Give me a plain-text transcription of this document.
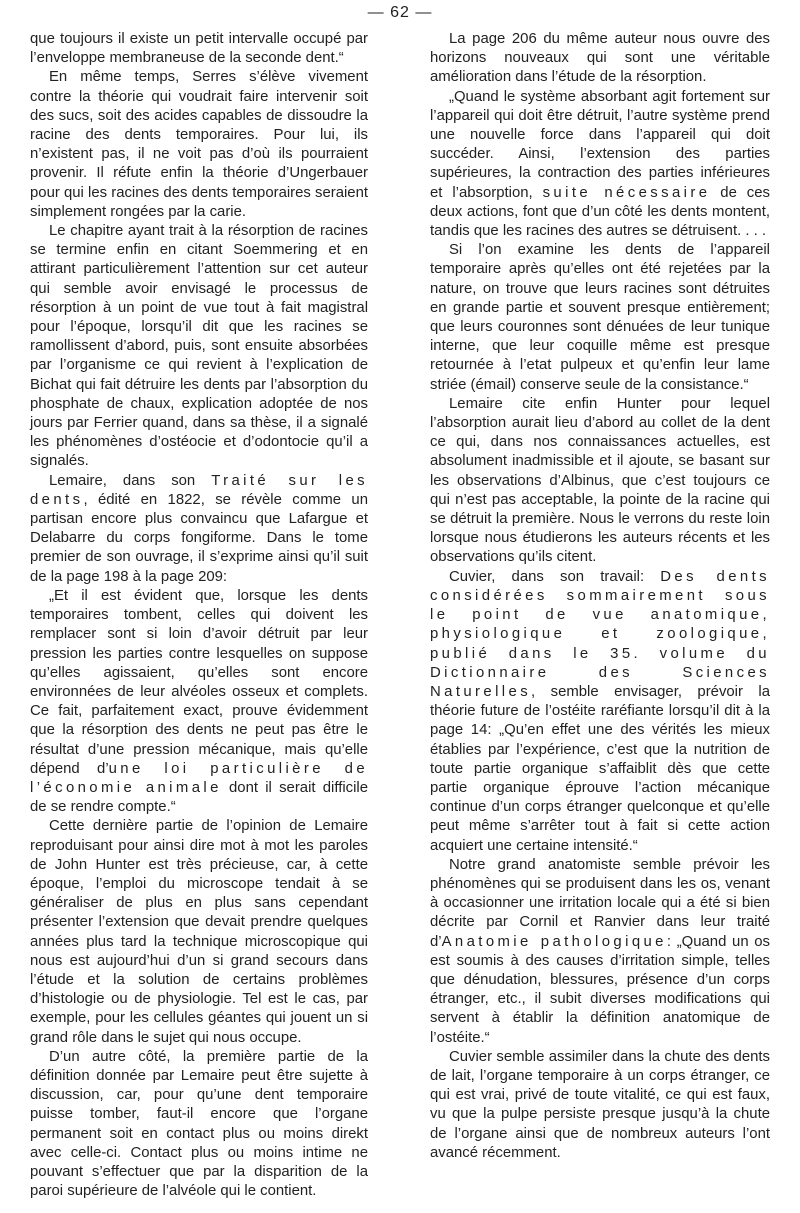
— 62 —

que toujours il existe un petit intervalle occupé par l’enveloppe membraneuse de la seconde dent.“

En même temps, Serres s’élève vivement contre la théorie qui voudrait faire intervenir soit des sucs, soit des acides capables de dissoudre la racine des dents temporaires. Pour lui, ils n’existent pas, il ne voit pas d’où ils pourraient provenir. Il réfute enfin la théorie d’Ungerbauer pour qui les racines des dents temporaires seraient simplement rongées par la carie.

Le chapitre ayant trait à la résorption de racines se termine enfin en citant Soemmering et en attirant particulièrement l’attention sur cet auteur qui semble avoir envisagé le processus de résorption à un point de vue tout à fait magistral pour l’époque, lorsqu’il dit que les racines se ramollissent d’abord, puis, sont ensuite absorbées par l’organisme ce qui revient à l’explication de Bichat qui fait détruire les dents par l’absorption du phosphate de chaux, explication adoptée de nos jours par Ferrier quand, dans sa thèse, il a signalé les phénomènes d’ostéocie et d’odontocie qu’il a signalés.

Lemaire, dans son Traité sur les dents, édité en 1822, se révèle comme un partisan encore plus convaincu que Lafargue et Delabarre du corps fongiforme. Dans le tome premier de son ouvrage, il s’exprime ainsi qu’il suit de la page 198 à la page 209:

„Et il est évident que, lorsque les dents temporaires tombent, celles qui doivent les remplacer sont si loin d’avoir détruit par leur pression les parties contre lesquelles on suppose qu’elles agissaient, qu’elles sont encore environnées de leur alvéoles osseux et complets. Ce fait, parfaitement exact, prouve évidemment que la résorption des dents ne peut pas être le résultat d’une pression mécanique, mais qu’elle dépend d’une loi particulière de l’économie animale dont il serait difficile de se rendre compte.“

Cette dernière partie de l’opinion de Lemaire reproduisant pour ainsi dire mot à mot les paroles de John Hunter est très précieuse, car, à cette époque, l’emploi du microscope tendait à se généraliser de plus en plus sans cependant présenter l’extension que devait prendre quelques années plus tard la technique microscopique qui nous est aujourd’hui d’un si grand secours dans l’étude et la solution de certains problèmes d’histologie ou de physiologie. Tel est le cas, par exemple, pour les cellules géantes qui jouent un si grand rôle dans le sujet qui nous occupe.

D’un autre côté, la première partie de la définition donnée par Lemaire peut être sujette à discussion, car, pour qu’une dent temporaire puisse tomber, faut-il encore que l’organe permanent soit en contact plus ou moins direkt avec celle-ci. Contact plus ou moins intime ne pouvant s’effectuer que par la disparition de la paroi supérieure de l’alvéole qui le contient.

La page 206 du même auteur nous ouvre des horizons nouveaux qui sont une véritable amélioration dans l’étude de la résorption.

„Quand le système absorbant agit fortement sur l’appareil qui doit être détruit, l’autre système prend une nouvelle force dans l’appareil qui doit succéder. Ainsi, l’extension des parties supérieures, la contraction des parties inférieures et l’absorption, suite nécessaire de ces deux actions, font que d’un côté les dents montent, tandis que les racines des autres se détruisent. . . .

Si l’on examine les dents de l’appareil temporaire après qu’elles ont été rejetées par la nature, on trouve que leurs racines sont détruites en grande partie et souvent presque entièrement; que leurs couronnes sont dénuées de leur tunique interne, que leur coquille même est presque retournée à l’etat pulpeux et qu’enfin leur lame striée (émail) conserve seule de la consistance.“

Lemaire cite enfin Hunter pour lequel l’absorption aurait lieu d’abord au collet de la dent ce qui, dans nos connaissances actuelles, est absolument inadmissible et il ajoute, se basant sur les observations d’Albinus, que c’est toujours ce qui n’est pas acceptable, la pointe de la racine qui se détruit la première. Nous le verrons du reste loin lorsque nous étudierons les auteurs récents et les observations qu’ils citent.

Cuvier, dans son travail: Des dents considérées sommairement sous le point de vue anatomique, physiologique et zoologique, publié dans le 35. volume du Dictionnaire des Sciences Naturelles, semble envisager, prévoir la théorie future de l’ostéite raréfiante lorsqu’il dit à la page 14: „Qu’en effet une des vérités les mieux établies par l’expérience, c’est que la nutrition de toute partie organique s’affaiblit dès que cette partie organique éprouve l’action mécanique continue d’un corps étranger quelconque et qu’elle peut même s’arrêter tout à fait si cette action acquiert une certaine intensité.“

Notre grand anatomiste semble prévoir les phénomènes qui se produisent dans les os, venant à occasionner une irritation locale qui a été si bien décrite par Cornil et Ranvier dans leur traité d’Anatomie pathologique: „Quand un os est soumis à des causes d’irritation simple, telles que dénudation, blessures, présence d’un corps étranger, etc., il subit diverses modifications qui servent à établir la définition anatomique de l’ostéite.“

Cuvier semble assimiler dans la chute des dents de lait, l’organe temporaire à un corps étranger, ce qui est vrai, privé de toute vitalité, ce qui est faux, vu que la pulpe persiste presque jusqu’à la chute de l’organe ainsi que de nombreux auteurs l’ont avancé récemment.
